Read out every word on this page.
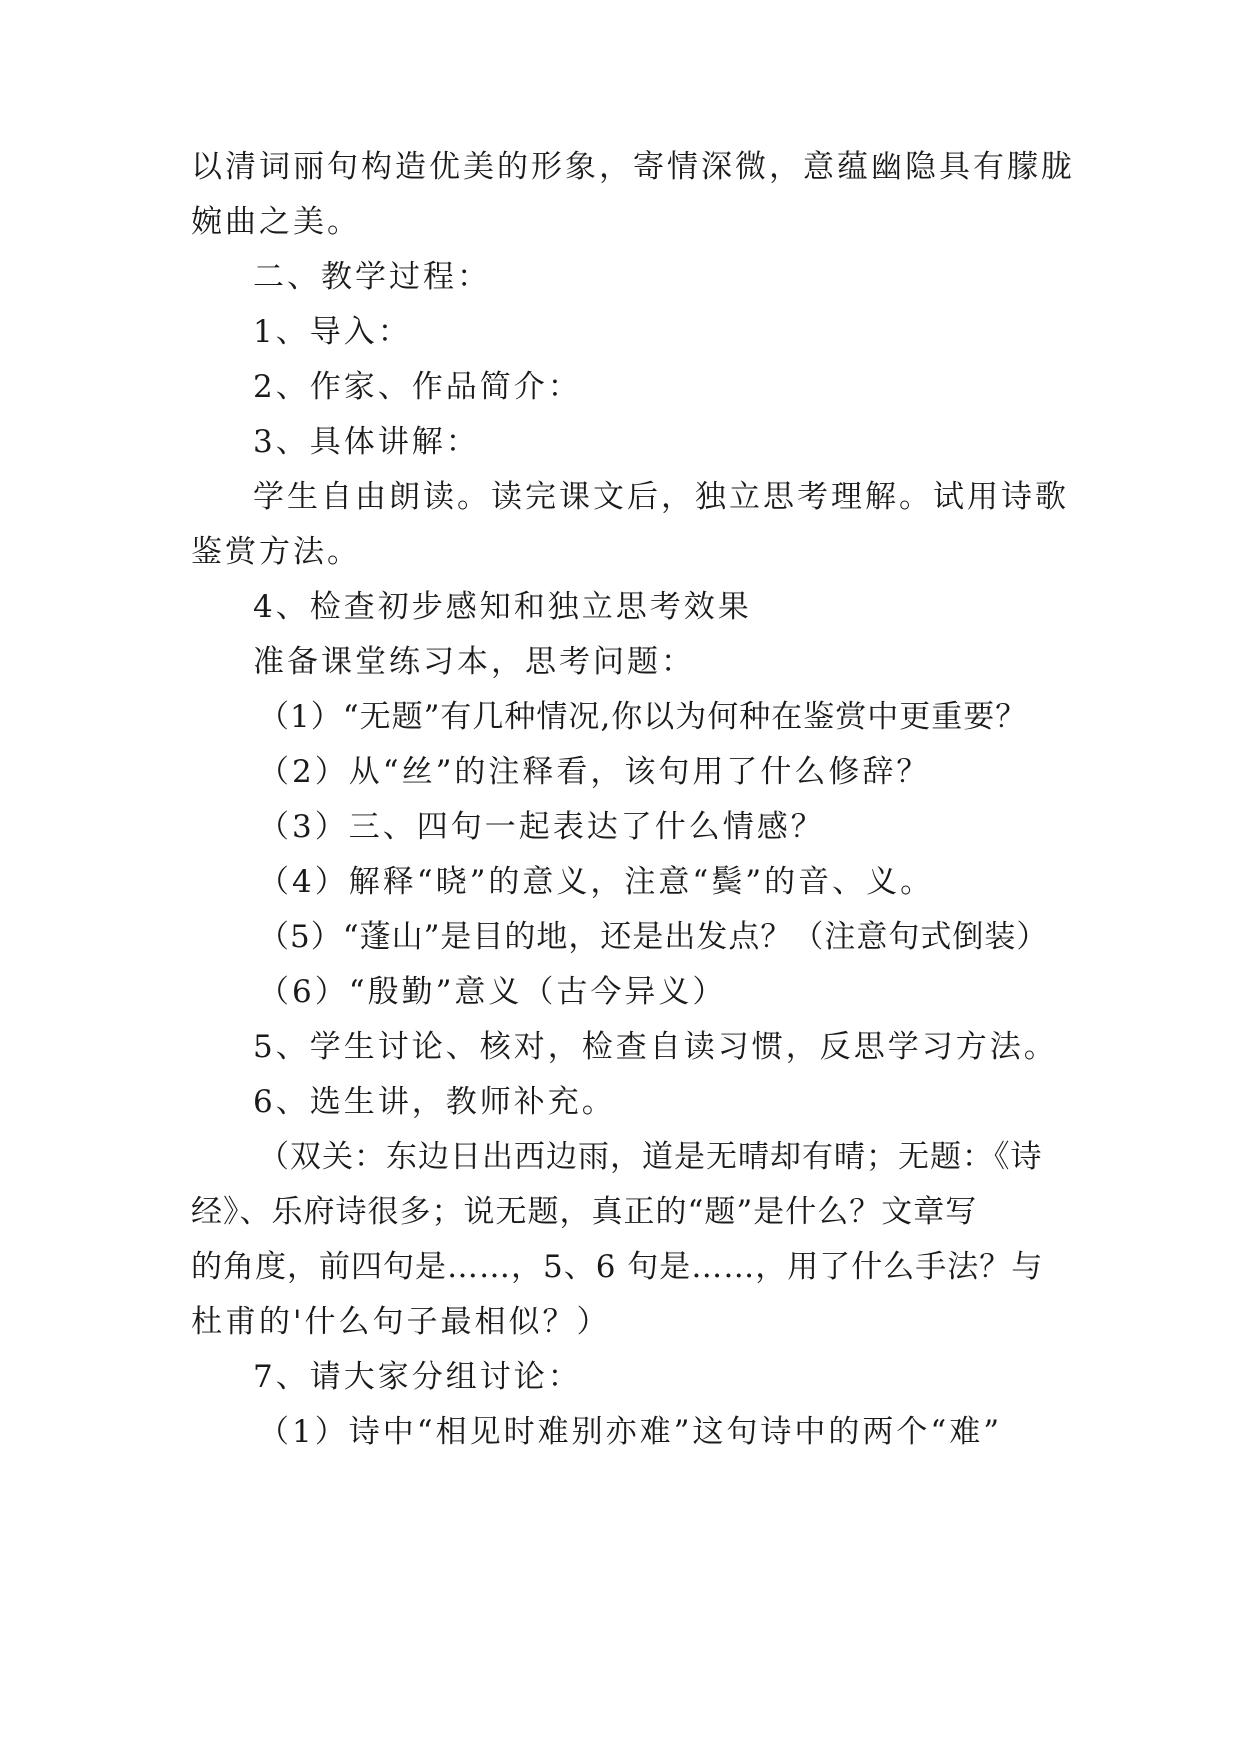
以清词丽句构造优美的形象，寄情深微，意蕴幽隐具有朦胧
婉曲之美。
二、教学过程：
1、导入：
2、作家、作品简介：
3、具体讲解：
学生自由朗读。读完课文后，独立思考理解。试用诗歌
鉴赏方法。
4、检查初步感知和独立思考效果
准备课堂练习本，思考问题：
（1）“无题”有几种情况,你以为何种在鉴赏中更重要？
（2）从“丝”的注释看，该句用了什么修辞？
（3）三、四句一起表达了什么情感？
（4）解释“晓”的意义，注意“鬓”的音、义。
（5）“蓬山”是目的地，还是出发点？（注意句式倒装）
（6）“殷勤”意义（古今异义）
5、学生讨论、核对，检查自读习惯，反思学习方法。
6、选生讲，教师补充。
（双关：东边日出西边雨，道是无晴却有晴；无题：《诗
经》、乐府诗很多；说无题，真正的“题”是什么？文章写
的角度，前四句是……，5、6 句是……，用了什么手法？与
杜甫的'什么句子最相似？）
7、请大家分组讨论：
（1）诗中“相见时难别亦难”这句诗中的两个“难”
